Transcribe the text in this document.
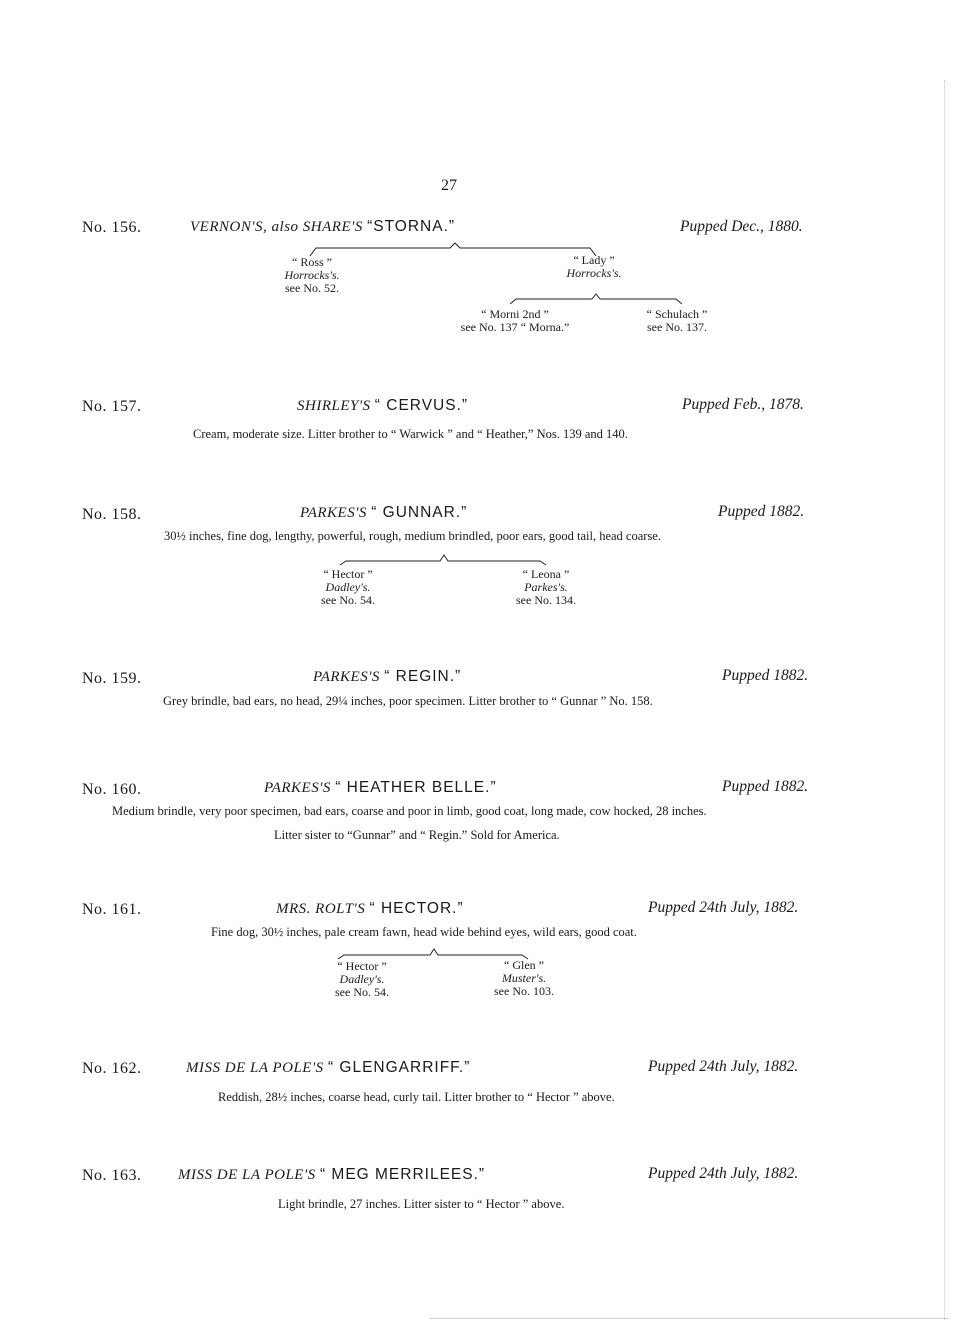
27
No. 156.	VERNON'S, also SHARE'S “STORNA.”	Pupped Dec., 1880.
“ Ross ”
Horrocks's.
see No. 52.
“ Lady ”
Horrocks's.
“ Morni 2nd ”
see No. 137 “ Morna.”
“ Schulach ”
see No. 137.
No. 157.	SHIRLEY'S “ CERVUS.”	Pupped Feb., 1878.
Cream, moderate size. Litter brother to “ Warwick ” and “ Heather,” Nos. 139 and 140.
No. 158.	PARKES'S “ GUNNAR.”	Pupped 1882.
30½ inches, fine dog, lengthy, powerful, rough, medium brindled, poor ears, good tail, head coarse.
“ Hector ”
Dadley's.
see No. 54.
“ Leona ”
Parkes's.
see No. 134.
No. 159.	PARKES'S “ REGIN.”	Pupped 1882.
Grey brindle, bad ears, no head, 29¼ inches, poor specimen. Litter brother to “ Gunnar ” No. 158.
No. 160.	PARKES'S “ HEATHER BELLE.”	Pupped 1882.
Medium brindle, very poor specimen, bad ears, coarse and poor in limb, good coat, long made, cow hocked, 28 inches.
Litter sister to “Gunnar” and “ Regin.” Sold for America.
No. 161.	MRS. ROLT'S “ HECTOR.”	Pupped 24th July, 1882.
Fine dog, 30½ inches, pale cream fawn, head wide behind eyes, wild ears, good coat.
“ Hector ”
Dadley's.
see No. 54.
“ Glen ”
Muster's.
see No. 103.
No. 162.	MISS DE LA POLE'S “ GLENGARRIFF.”	Pupped 24th July, 1882.
Reddish, 28½ inches, coarse head, curly tail. Litter brother to “ Hector ” above.
No. 163. MISS DE LA POLE'S “ MEG MERRILEES.”	Pupped 24th July, 1882.
Light brindle, 27 inches. Litter sister to “ Hector ” above.
